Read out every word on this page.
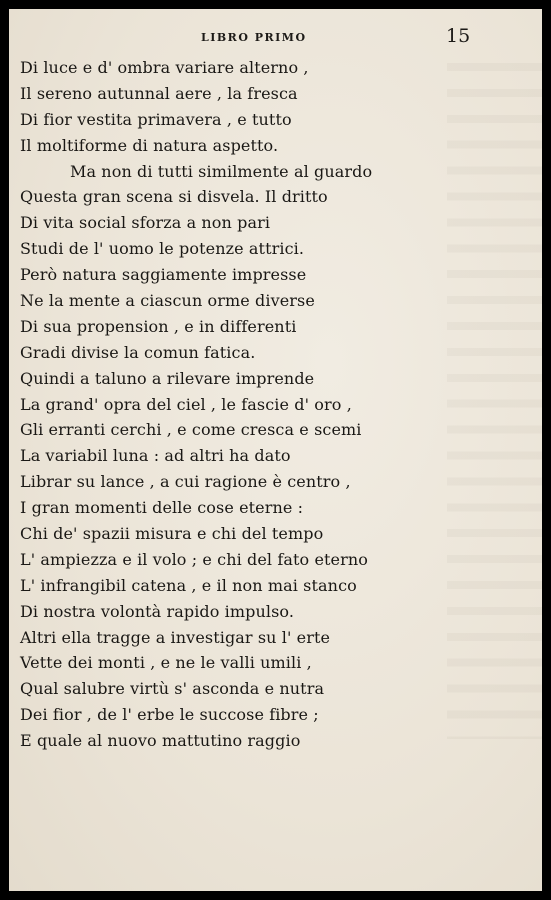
LIBRO PRIMO	15
Di luce e d' ombra variare alterno ,
Il sereno autunnal aere , la fresca
Di fior vestita primavera , e tutto
Il moltiforme di natura aspetto.
Ma non di tutti similmente al guardo
Questa gran scena si disvela. Il dritto
Di vita social sforza a non pari
Studi de l' uomo le potenze attrici.
Però natura saggiamente impresse
Ne la mente a ciascun orme diverse
Di sua propension , e in differenti
Gradi divise la comun fatica.
Quindi a taluno a rilevare imprende
La grand' opra del ciel , le fascie d' oro ,
Gli erranti cerchi , e come cresca e scemi
La variabil luna : ad altri ha dato
Librar su lance , a cui ragione è centro ,
I gran momenti delle cose eterne :
Chi de' spazii misura e chi del tempo
L' ampiezza e il volo ; e chi del fato eterno
L' infrangibil catena , e il non mai stanco
Di nostra volontà rapido impulso.
Altri ella tragge a investigar su l' erte
Vette dei monti , e ne le valli umili ,
Qual salubre virtù s' asconda e nutra
Dei fior , de l' erbe le succose fibre ;
E quale al nuovo mattutino raggio
